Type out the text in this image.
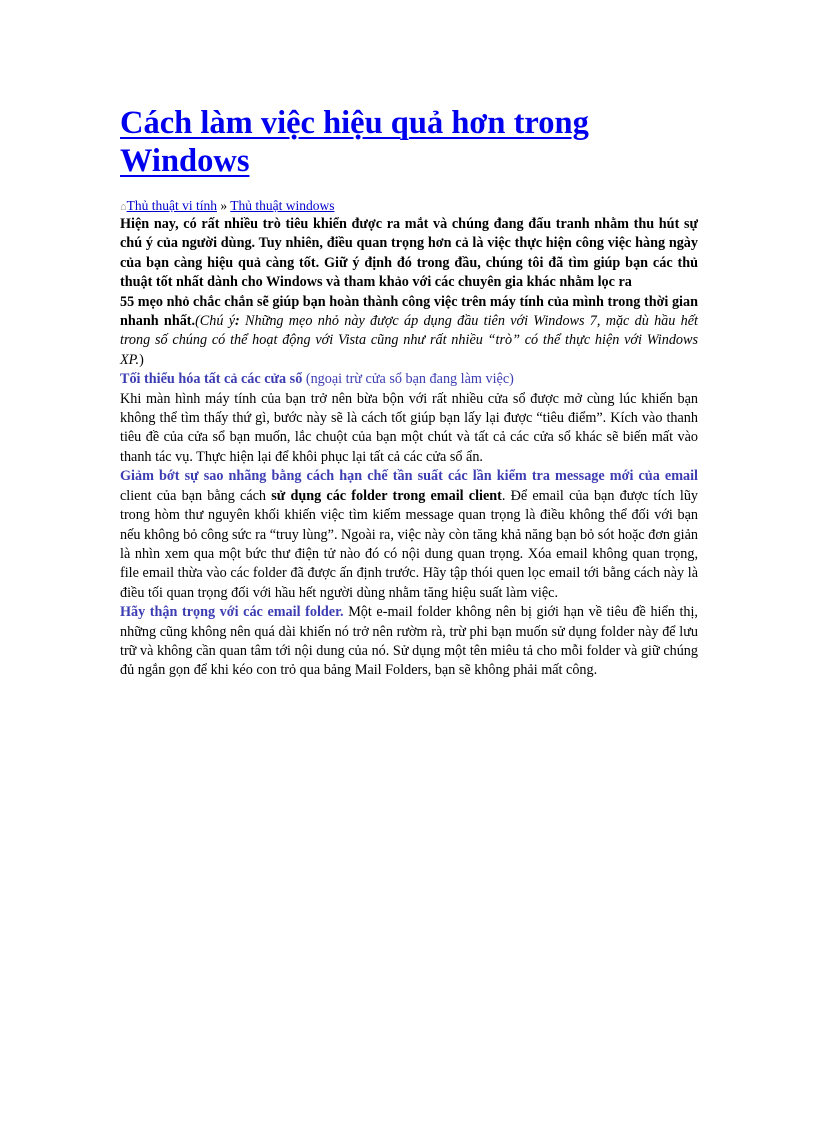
Cách làm việc hiệu quả hơn trong Windows
⌂Thủ thuật vi tính » Thủ thuật windows

Hiện nay, có rất nhiều trò tiêu khiển được ra mắt và chúng đang đấu tranh nhằm thu hút sự chú ý của người dùng. Tuy nhiên, điều quan trọng hơn cả là việc thực hiện công việc hàng ngày của bạn càng hiệu quả càng tốt. Giữ ý định đó trong đầu, chúng tôi đã tìm giúp bạn các thủ thuật tốt nhất dành cho Windows và tham khảo với các chuyên gia khác nhằm lọc ra

55 mẹo nhỏ chắc chắn sẽ giúp bạn hoàn thành công việc trên máy tính của mình trong thời gian nhanh nhất.(Chú ý: Những mẹo nhỏ này được áp dụng đầu tiên với Windows 7, mặc dù hầu hết trong số chúng có thể hoạt động với Vista cũng như rất nhiều “trò” có thể thực hiện với Windows XP.)

Tối thiểu hóa tất cả các cửa sổ (ngoại trừ cửa sổ bạn đang làm việc)

Khi màn hình máy tính của bạn trở nên bừa bộn với rất nhiều cửa sổ được mở cùng lúc khiến bạn không thể tìm thấy thứ gì, bước này sẽ là cách tốt giúp bạn lấy lại được “tiêu điểm”. Kích vào thanh tiêu đề của cửa sổ bạn muốn, lắc chuột của bạn một chút và tất cả các cửa sổ khác sẽ biến mất vào thanh tác vụ. Thực hiện lại để khôi phục lại tất cả các cửa sổ ẩn.

Giảm bớt sự sao nhãng bằng cách hạn chế tần suất các lần kiểm tra message mới của email client của bạn bằng cách sử dụng các folder trong email client. Để email của bạn được tích lũy trong hòm thư nguyên khối khiến việc tìm kiếm message quan trọng là điều không thể đối với bạn nếu không bỏ công sức ra “truy lùng”. Ngoài ra, việc này còn tăng khả năng bạn bỏ sót hoặc đơn giản là nhìn xem qua một bức thư điện tử nào đó có nội dung quan trọng. Xóa email không quan trọng, file email thừa vào các folder đã được ấn định trước. Hãy tập thói quen lọc email tới bằng cách này là điều tối quan trọng đối với hầu hết người dùng nhằm tăng hiệu suất làm việc.

Hãy thận trọng với các email folder. Một e-mail folder không nên bị giới hạn về tiêu đề hiển thị, những cũng không nên quá dài khiến nó trở nên rườm rà, trừ phi bạn muốn sử dụng folder này để lưu trữ và không cần quan tâm tới nội dung của nó. Sử dụng một tên miêu tả cho mỗi folder và giữ chúng đủ ngắn gọn để khi kéo con trỏ qua bảng Mail Folders, bạn sẽ không phải mất công.
